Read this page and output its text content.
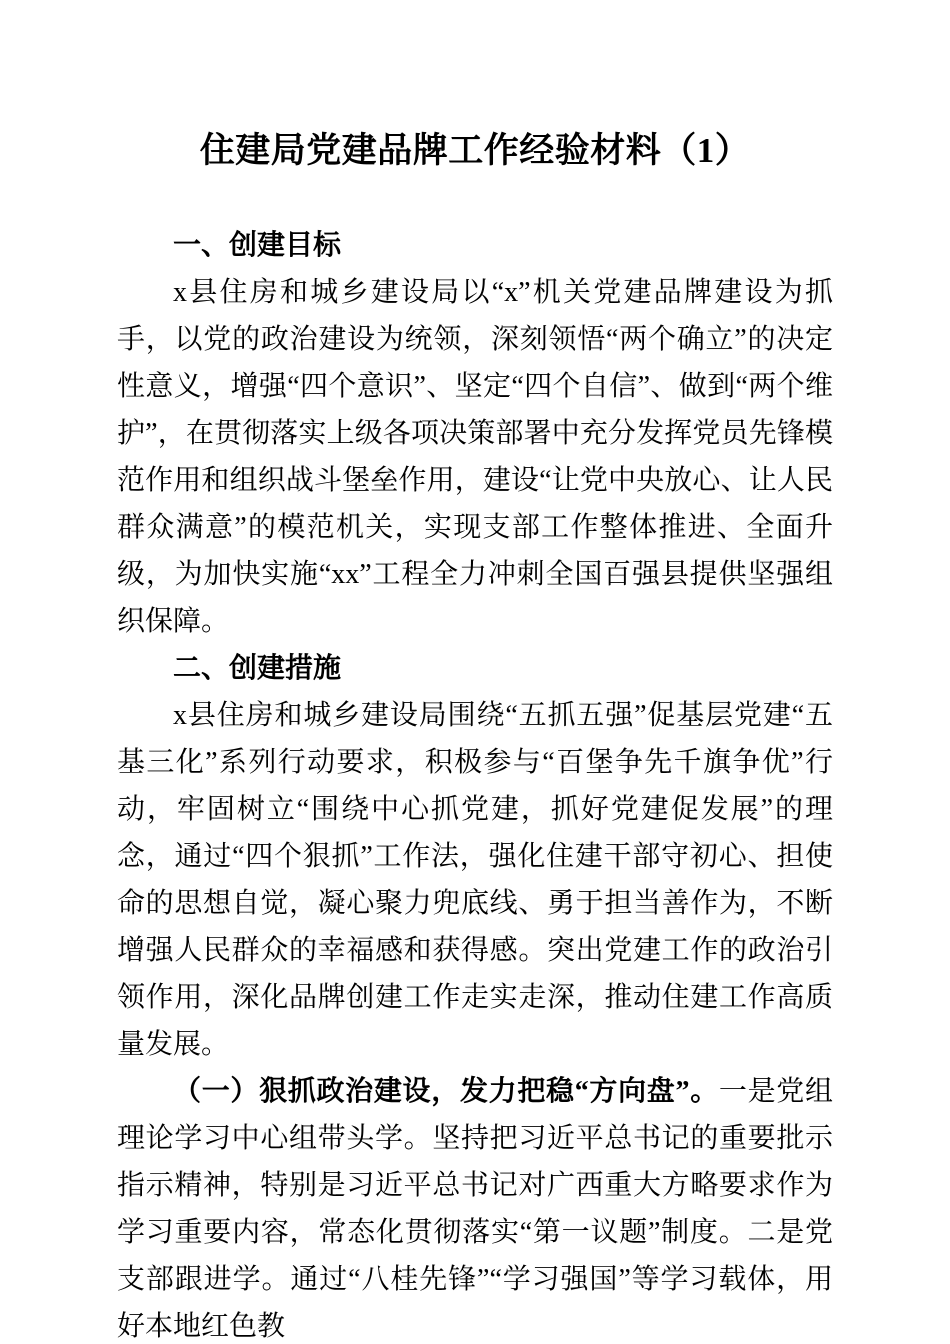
住建局党建品牌工作经验材料（1）
一、创建目标

x县住房和城乡建设局以“x”机关党建品牌建设为抓手，以党的政治建设为统领，深刻领悟“两个确立”的决定性意义，增强“四个意识”、坚定“四个自信”、做到“两个维护”，在贯彻落实上级各项决策部署中充分发挥党员先锋模范作用和组织战斗堡垒作用，建设“让党中央放心、让人民群众满意”的模范机关，实现支部工作整体推进、全面升级，为加快实施“xx”工程全力冲刺全国百强县提供坚强组织保障。

二、创建措施

x县住房和城乡建设局围绕“五抓五强”促基层党建“五基三化”系列行动要求，积极参与“百堡争先千旗争优”行动，牢固树立“围绕中心抓党建，抓好党建促发展”的理念，通过“四个狠抓”工作法，强化住建干部守初心、担使命的思想自觉，凝心聚力兜底线、勇于担当善作为，不断增强人民群众的幸福感和获得感。突出党建工作的政治引领作用，深化品牌创建工作走实走深，推动住建工作高质量发展。

（一）狠抓政治建设，发力把稳“方向盘”。一是党组理论学习中心组带头学。坚持把习近平总书记的重要批示指示精神，特别是习近平总书记对广西重大方略要求作为学习重要内容，常态化贯彻落实“第一议题”制度。二是党支部跟进学。通过“八桂先锋”“学习强国”等学习载体，用好本地红色教
